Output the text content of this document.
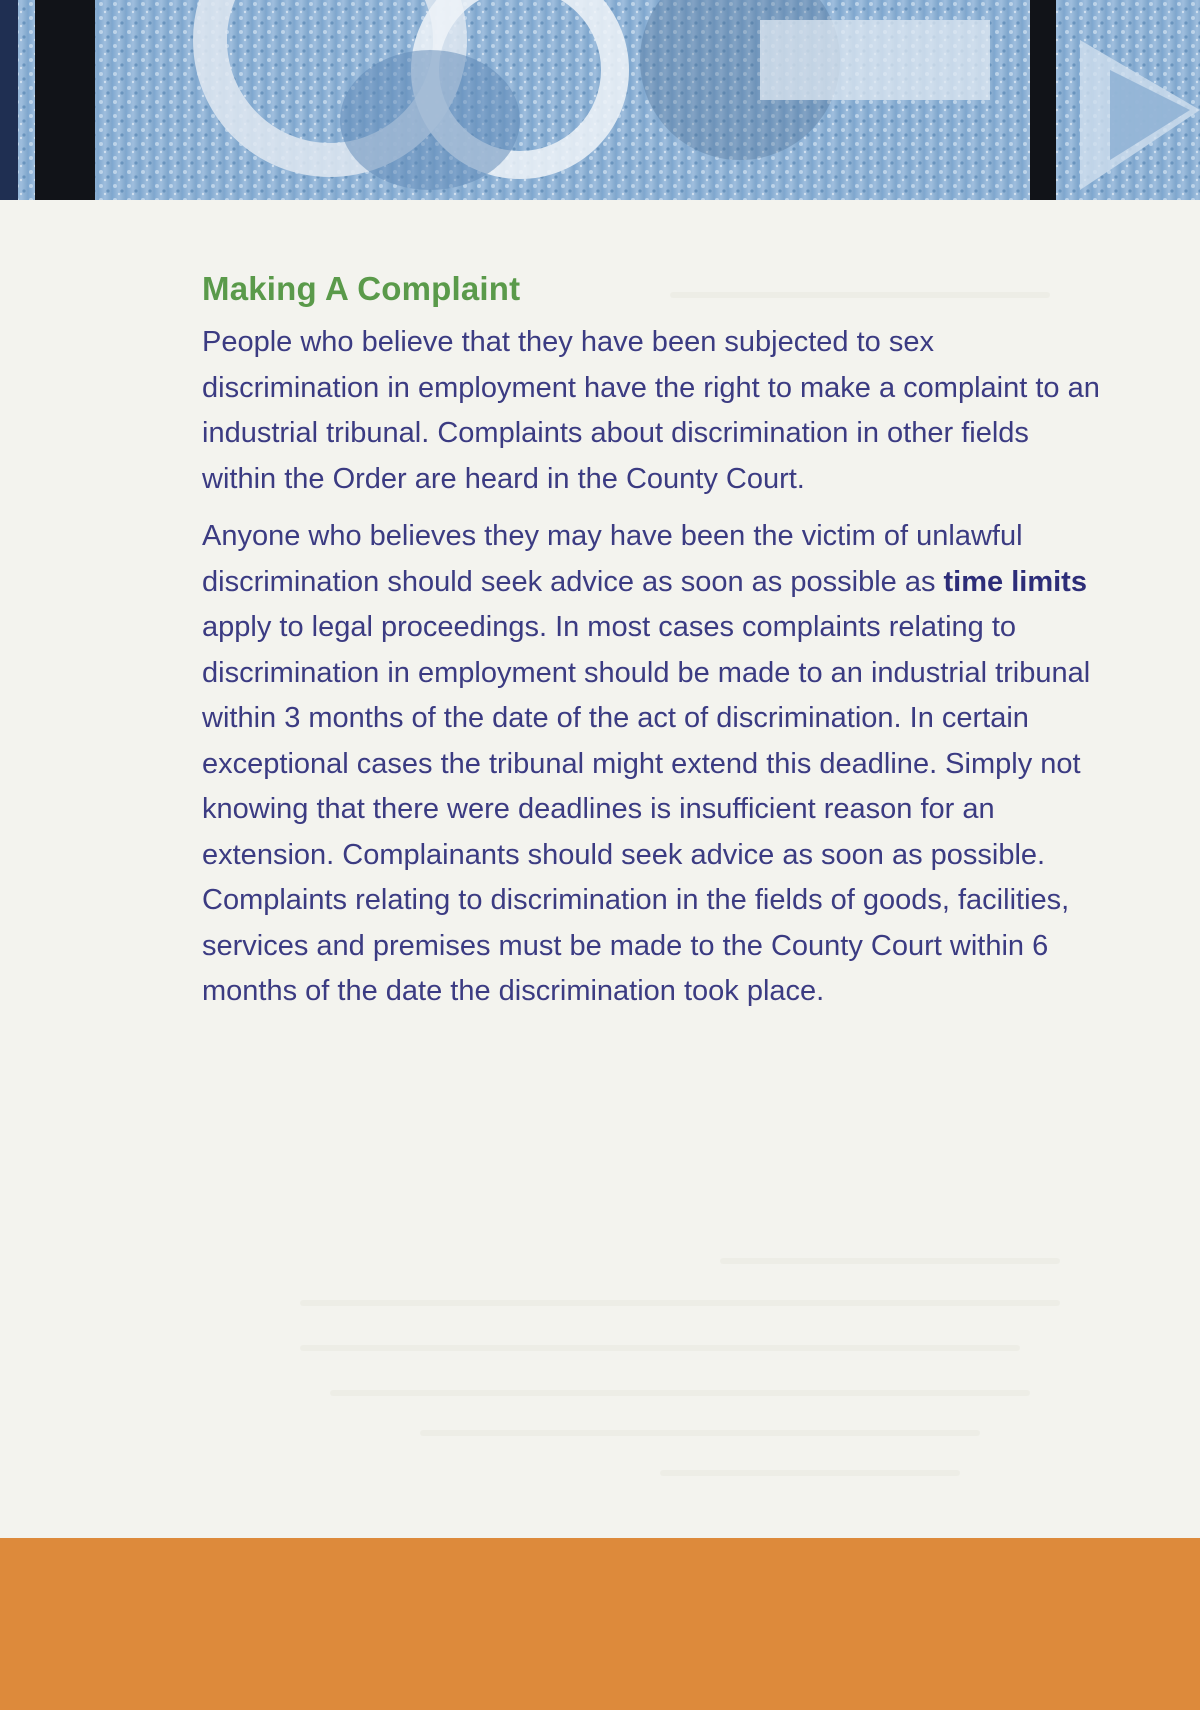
Making A Complaint

People who believe that they have been subjected to sex discrimination in employment have the right to make a complaint to an industrial tribunal. Complaints about discrimination in other fields within the Order are heard in the County Court.

Anyone who believes they may have been the victim of unlawful discrimination should seek advice as soon as possible as time limits apply to legal proceedings. In most cases complaints relating to discrimination in employment should be made to an industrial tribunal within 3 months of the date of the act of discrimination. In certain exceptional cases the tribunal might extend this deadline. Simply not knowing that there were deadlines is insufficient reason for an extension. Complainants should seek advice as soon as possible. Complaints relating to discrimination in the fields of goods, facilities, services and premises must be made to the County Court within 6 months of the date the discrimination took place.
